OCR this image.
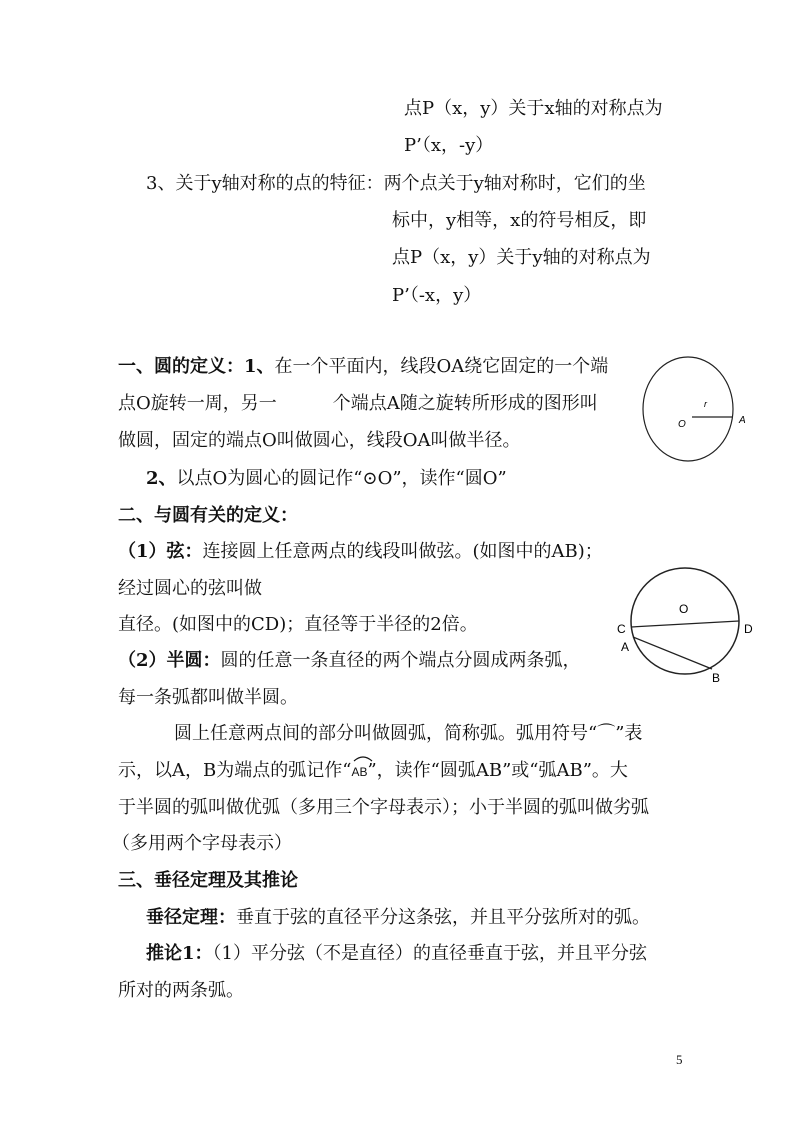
点P（x，y）关于x轴的对称点为
P’（x，-y）
3、关于y轴对称的点的特征：两个点关于y轴对称时，它们的坐
标中，y相等，x的符号相反，即
点P（x，y）关于y轴的对称点为
P’（-x，y）
一、圆的定义：1、在一个平面内，线段OA绕它固定的一个端
点O旋转一周，另一	个端点A随之旋转所形成的图形叫
做圆，固定的端点O叫做圆心，线段OA叫做半径。
2、以点O为圆心的圆记作“⊙O”，读作“圆O”
O
r
A
二、与圆有关的定义：
（1）弦：连接圆上任意两点的线段叫做弦。(如图中的AB)；
经过圆心的弦叫做
直径。(如图中的CD)；直径等于半径的2倍。
（2）半圆：圆的任意一条直径的两个端点分圆成两条弧，
每一条弧都叫做半圆。
O
C	D
A
B
圆上任意两点间的部分叫做圆弧，简称弧。弧用符号“⌒”表
示，以A，B为端点的弧记作“
AB”，读作“圆弧AB”或“弧AB”。大
于半圆的弧叫做优弧（多用三个字母表示）；小于半圆的弧叫做劣弧
（多用两个字母表示）
三、垂径定理及其推论
垂径定理：垂直于弦的直径平分这条弦，并且平分弦所对的弧。
推论1：（1）平分弦（不是直径）的直径垂直于弦，并且平分弦
所对的两条弧。
5
